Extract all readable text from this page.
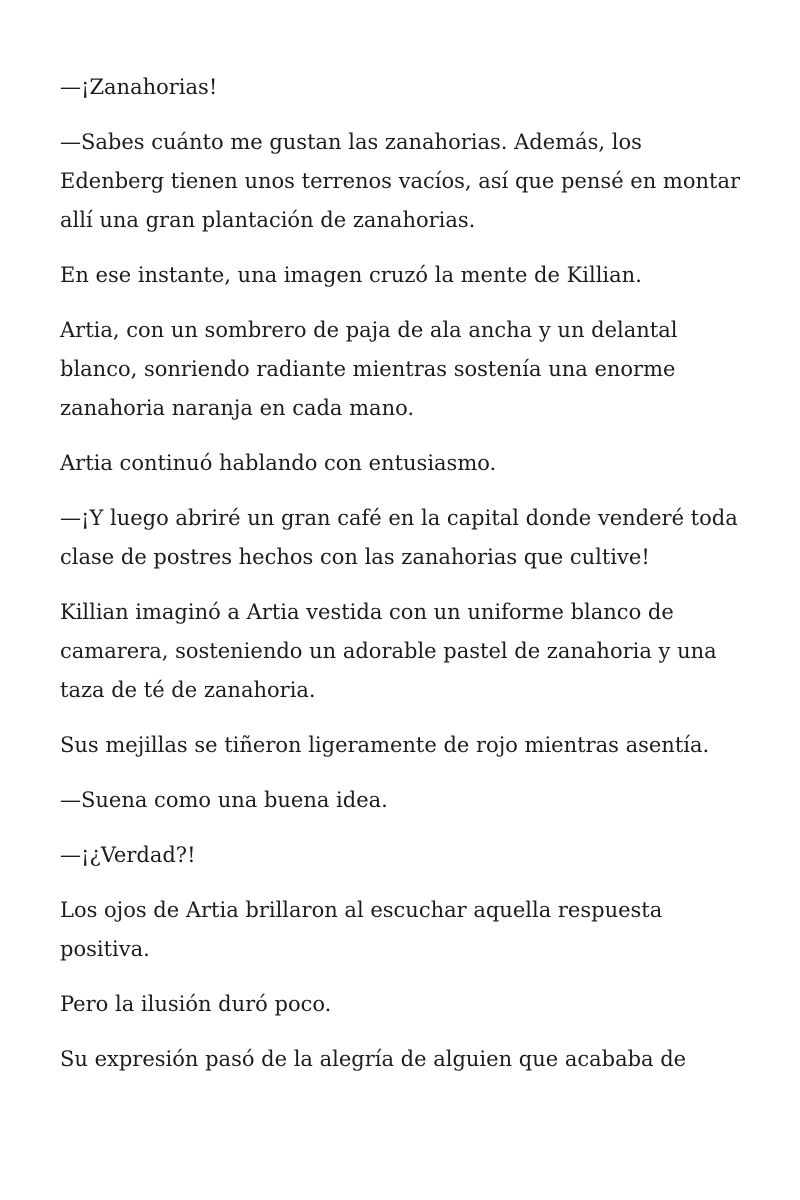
—¡Zanahorias!

—Sabes cuánto me gustan las zanahorias. Además, los Edenberg tienen unos terrenos vacíos, así que pensé en montar allí una gran plantación de zanahorias.

En ese instante, una imagen cruzó la mente de Killian.

Artia, con un sombrero de paja de ala ancha y un delantal blanco, sonriendo radiante mientras sostenía una enorme zanahoria naranja en cada mano.

Artia continuó hablando con entusiasmo.

—¡Y luego abriré un gran café en la capital donde venderé toda clase de postres hechos con las zanahorias que cultive!

Killian imaginó a Artia vestida con un uniforme blanco de camarera, sosteniendo un adorable pastel de zanahoria y una taza de té de zanahoria.

Sus mejillas se tiñeron ligeramente de rojo mientras asentía.

—Suena como una buena idea.

—¡¿Verdad?!

Los ojos de Artia brillaron al escuchar aquella respuesta positiva.

Pero la ilusión duró poco.

Su expresión pasó de la alegría de alguien que acababa de
